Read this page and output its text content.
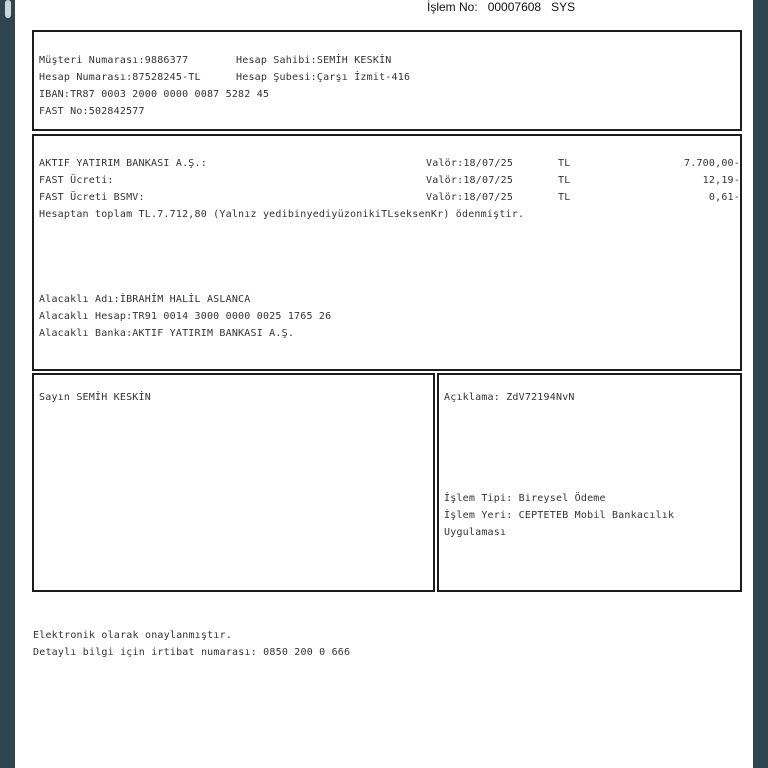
İşlem No: 00007608 SYS
Müşteri Numarası:9886377	Hesap Sahibi:SEMİH KESKİN
Hesap Numarası:87528245-TL	Hesap Şubesi:Çarşı İzmit-416
IBAN:TR87 0003 2000 0000 0087 5282 45
FAST No:502842577
AKTIF YATIRIM BANKASI A.Ş.:	Valör:18/07/25	TL	7.700,00-
FAST Ücreti:	Valör:18/07/25	TL	12,19-
FAST Ücreti BSMV:	Valör:18/07/25	TL	0,61-
Hesaptan toplam TL.7.712,80 (Yalnız yedibinyediyüzonikiTLseksenKr) ödenmiştir.
Alacaklı Adı:İBRAHİM HALİL ASLANCA
Alacaklı Hesap:TR91 0014 3000 0000 0025 1765 26
Alacaklı Banka:AKTIF YATIRIM BANKASI A.Ş.
Sayın SEMİH KESKİN	Açıklama: ZdV72194NvN
İşlem Tipi: Bireysel Ödeme
İşlem Yeri: CEPTETEB Mobil Bankacılık
Uygulaması
Elektronik olarak onaylanmıştır.
Detaylı bilgi için irtibat numarası: 0850 200 0 666
